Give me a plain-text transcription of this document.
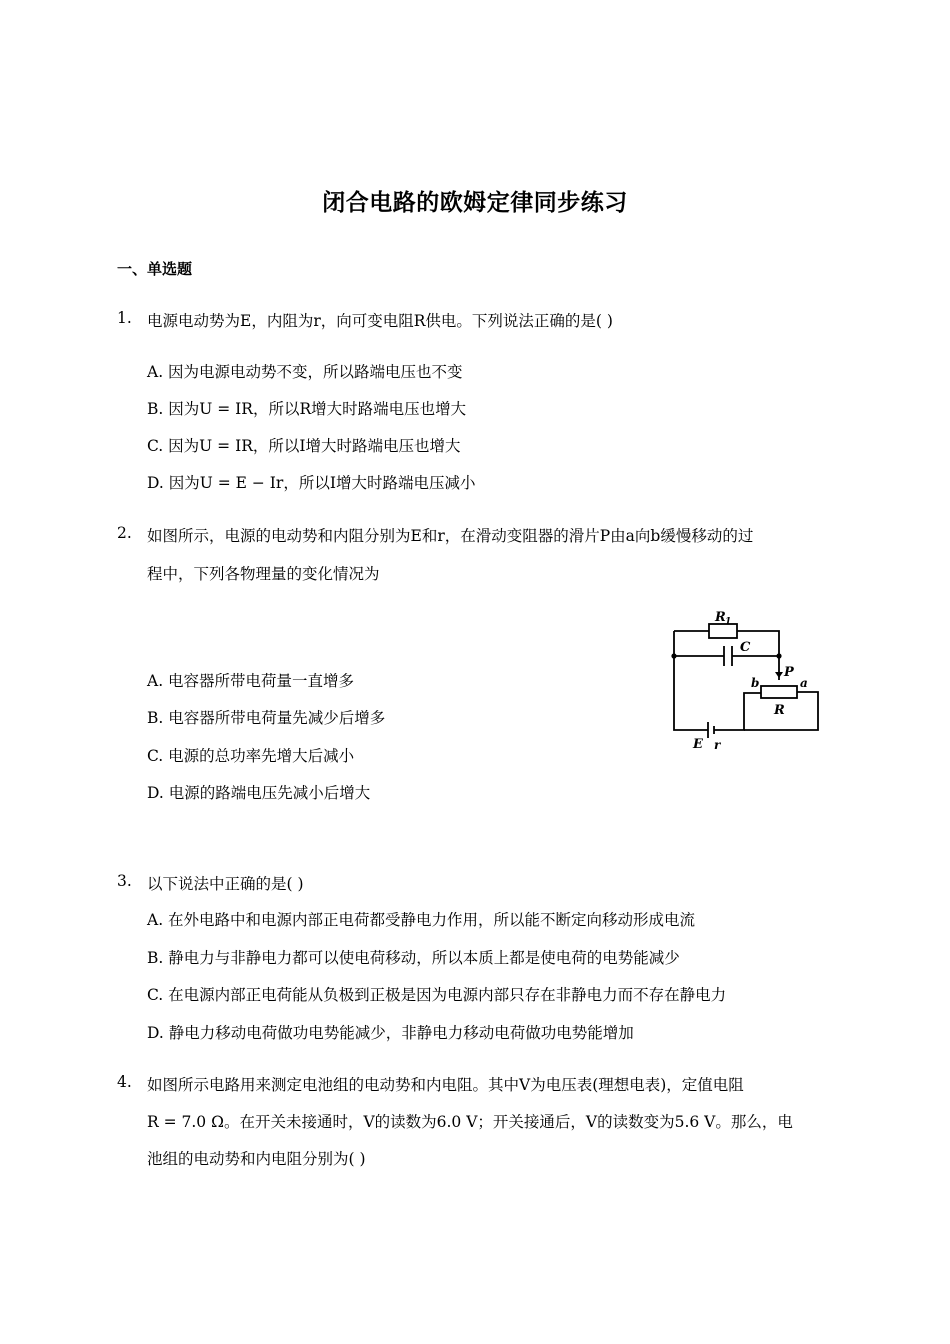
闭合电路的欧姆定律同步练习
一、单选题
1. 电源电动势为E，内阻为r，向可变电阻R供电。下列说法正确的是( )
A. 因为电源电动势不变，所以路端电压也不变
B. 因为U = IR，所以R增大时路端电压也增大
C. 因为U = IR，所以I增大时路端电压也增大
D. 因为U = E − Ir，所以I增大时路端电压减小
2. 如图所示，电源的电动势和内阻分别为E和r，在滑动变阻器的滑片P由a向b缓慢移动的过
程中，下列各物理量的变化情况为
A. 电容器所带电荷量一直增多
B. 电容器所带电荷量先减少后增多
C. 电源的总功率先增大后减小
D. 电源的路端电压先减小后增大
R 1
C
P
b	a
R
E r
3. 以下说法中正确的是( )
A. 在外电路中和电源内部正电荷都受静电力作用，所以能不断定向移动形成电流
B. 静电力与非静电力都可以使电荷移动，所以本质上都是使电荷的电势能减少
C. 在电源内部正电荷能从负极到正极是因为电源内部只存在非静电力而不存在静电力
D. 静电力移动电荷做功电势能减少，非静电力移动电荷做功电势能增加
4. 如图所示电路用来测定电池组的电动势和内电阻。其中V为电压表(理想电表)，定值电阻
R = 7.0 Ω。在开关未接通时，V的读数为6.0 V；开关接通后，V的读数变为5.6 V。那么，电
池组的电动势和内电阻分别为( )
